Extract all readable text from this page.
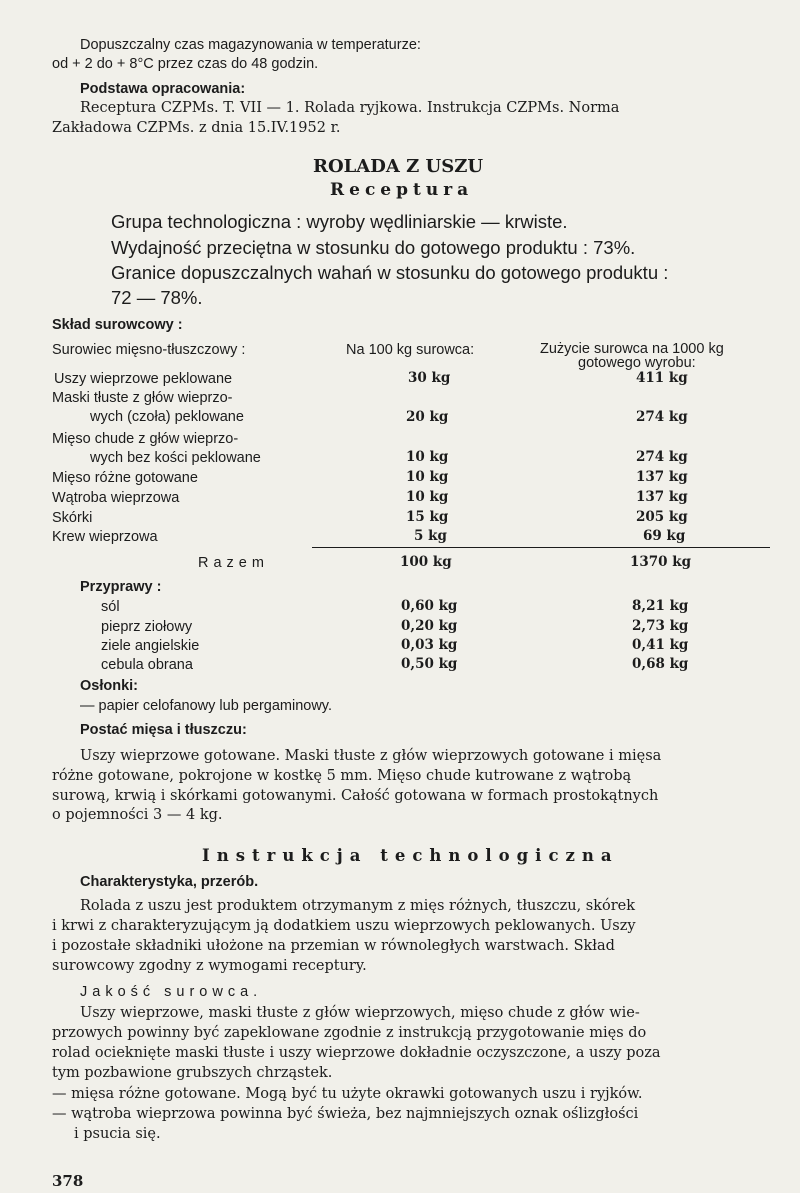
Dopuszczalny czas magazynowania w temperaturze:
od + 2 do + 8°C przez czas do 48 godzin.
Podstawa opracowania:
Receptura CZPMs. T. VII — 1. Rolada ryjkowa. Instrukcja CZPMs. Norma
Zakładowa CZPMs. z dnia 15.IV.1952 r.
ROLADA Z USZU
Receptura
Grupa technologiczna : wyroby wędliniarskie — krwiste.
Wydajność przeciętna w stosunku do gotowego produktu : 73%.
Granice dopuszczalnych wahań w stosunku do gotowego produktu :
72 — 78%.
Skład surowcowy :
Surowiec mięsno-tłuszczowy :	Na 100 kg surowca:	Zużycie surowca na 1000 kg
gotowego wyrobu:
Uszy wieprzowe peklowane	30 kg	411 kg
Maski tłuste z głów wieprzo-
wych (czoła) peklowane	20 kg	274 kg
Mięso chude z głów wieprzo-
wych bez kości peklowane	10 kg	274 kg
Mięso różne gotowane	10 kg	137 kg
Wątroba wieprzowa	10 kg	137 kg
Skórki	15 kg	205 kg
Krew wieprzowa	5 kg	69 kg
Razem	100 kg	1370 kg
Przyprawy :
sól	0,60 kg	8,21 kg
pieprz ziołowy	0,20 kg	2,73 kg
ziele angielskie	0,03 kg	0,41 kg
cebula obrana	0,50 kg	0,68 kg
Osłonki:
— papier celofanowy lub pergaminowy.
Postać mięsa i tłuszczu:
Uszy wieprzowe gotowane. Maski tłuste z głów wieprzowych gotowane i mięsa
różne gotowane, pokrojone w kostkę 5 mm. Mięso chude kutrowane z wątrobą
surową, krwią i skórkami gotowanymi. Całość gotowana w formach prostokątnych
o pojemności 3 — 4 kg.
Instrukcja technologiczna
Charakterystyka, przerób.
Rolada z uszu jest produktem otrzymanym z mięs różnych, tłuszczu, skórek
i krwi z charakteryzującym ją dodatkiem uszu wieprzowych peklowanych. Uszy
i pozostałe składniki ułożone na przemian w równoległych warstwach. Skład
surowcowy zgodny z wymogami receptury.
Jakość surowca.
Uszy wieprzowe, maski tłuste z głów wieprzowych, mięso chude z głów wie-
przowych powinny być zapeklowane zgodnie z instrukcją przygotowanie mięs do
rolad ocieknięte maski tłuste i uszy wieprzowe dokładnie oczyszczone, a uszy poza
tym pozbawione grubszych chrząstek.
— mięsa różne gotowane. Mogą być tu użyte okrawki gotowanych uszu i ryjków.
— wątroba wieprzowa powinna być świeża, bez najmniejszych oznak oślizgłości
i psucia się.
378
